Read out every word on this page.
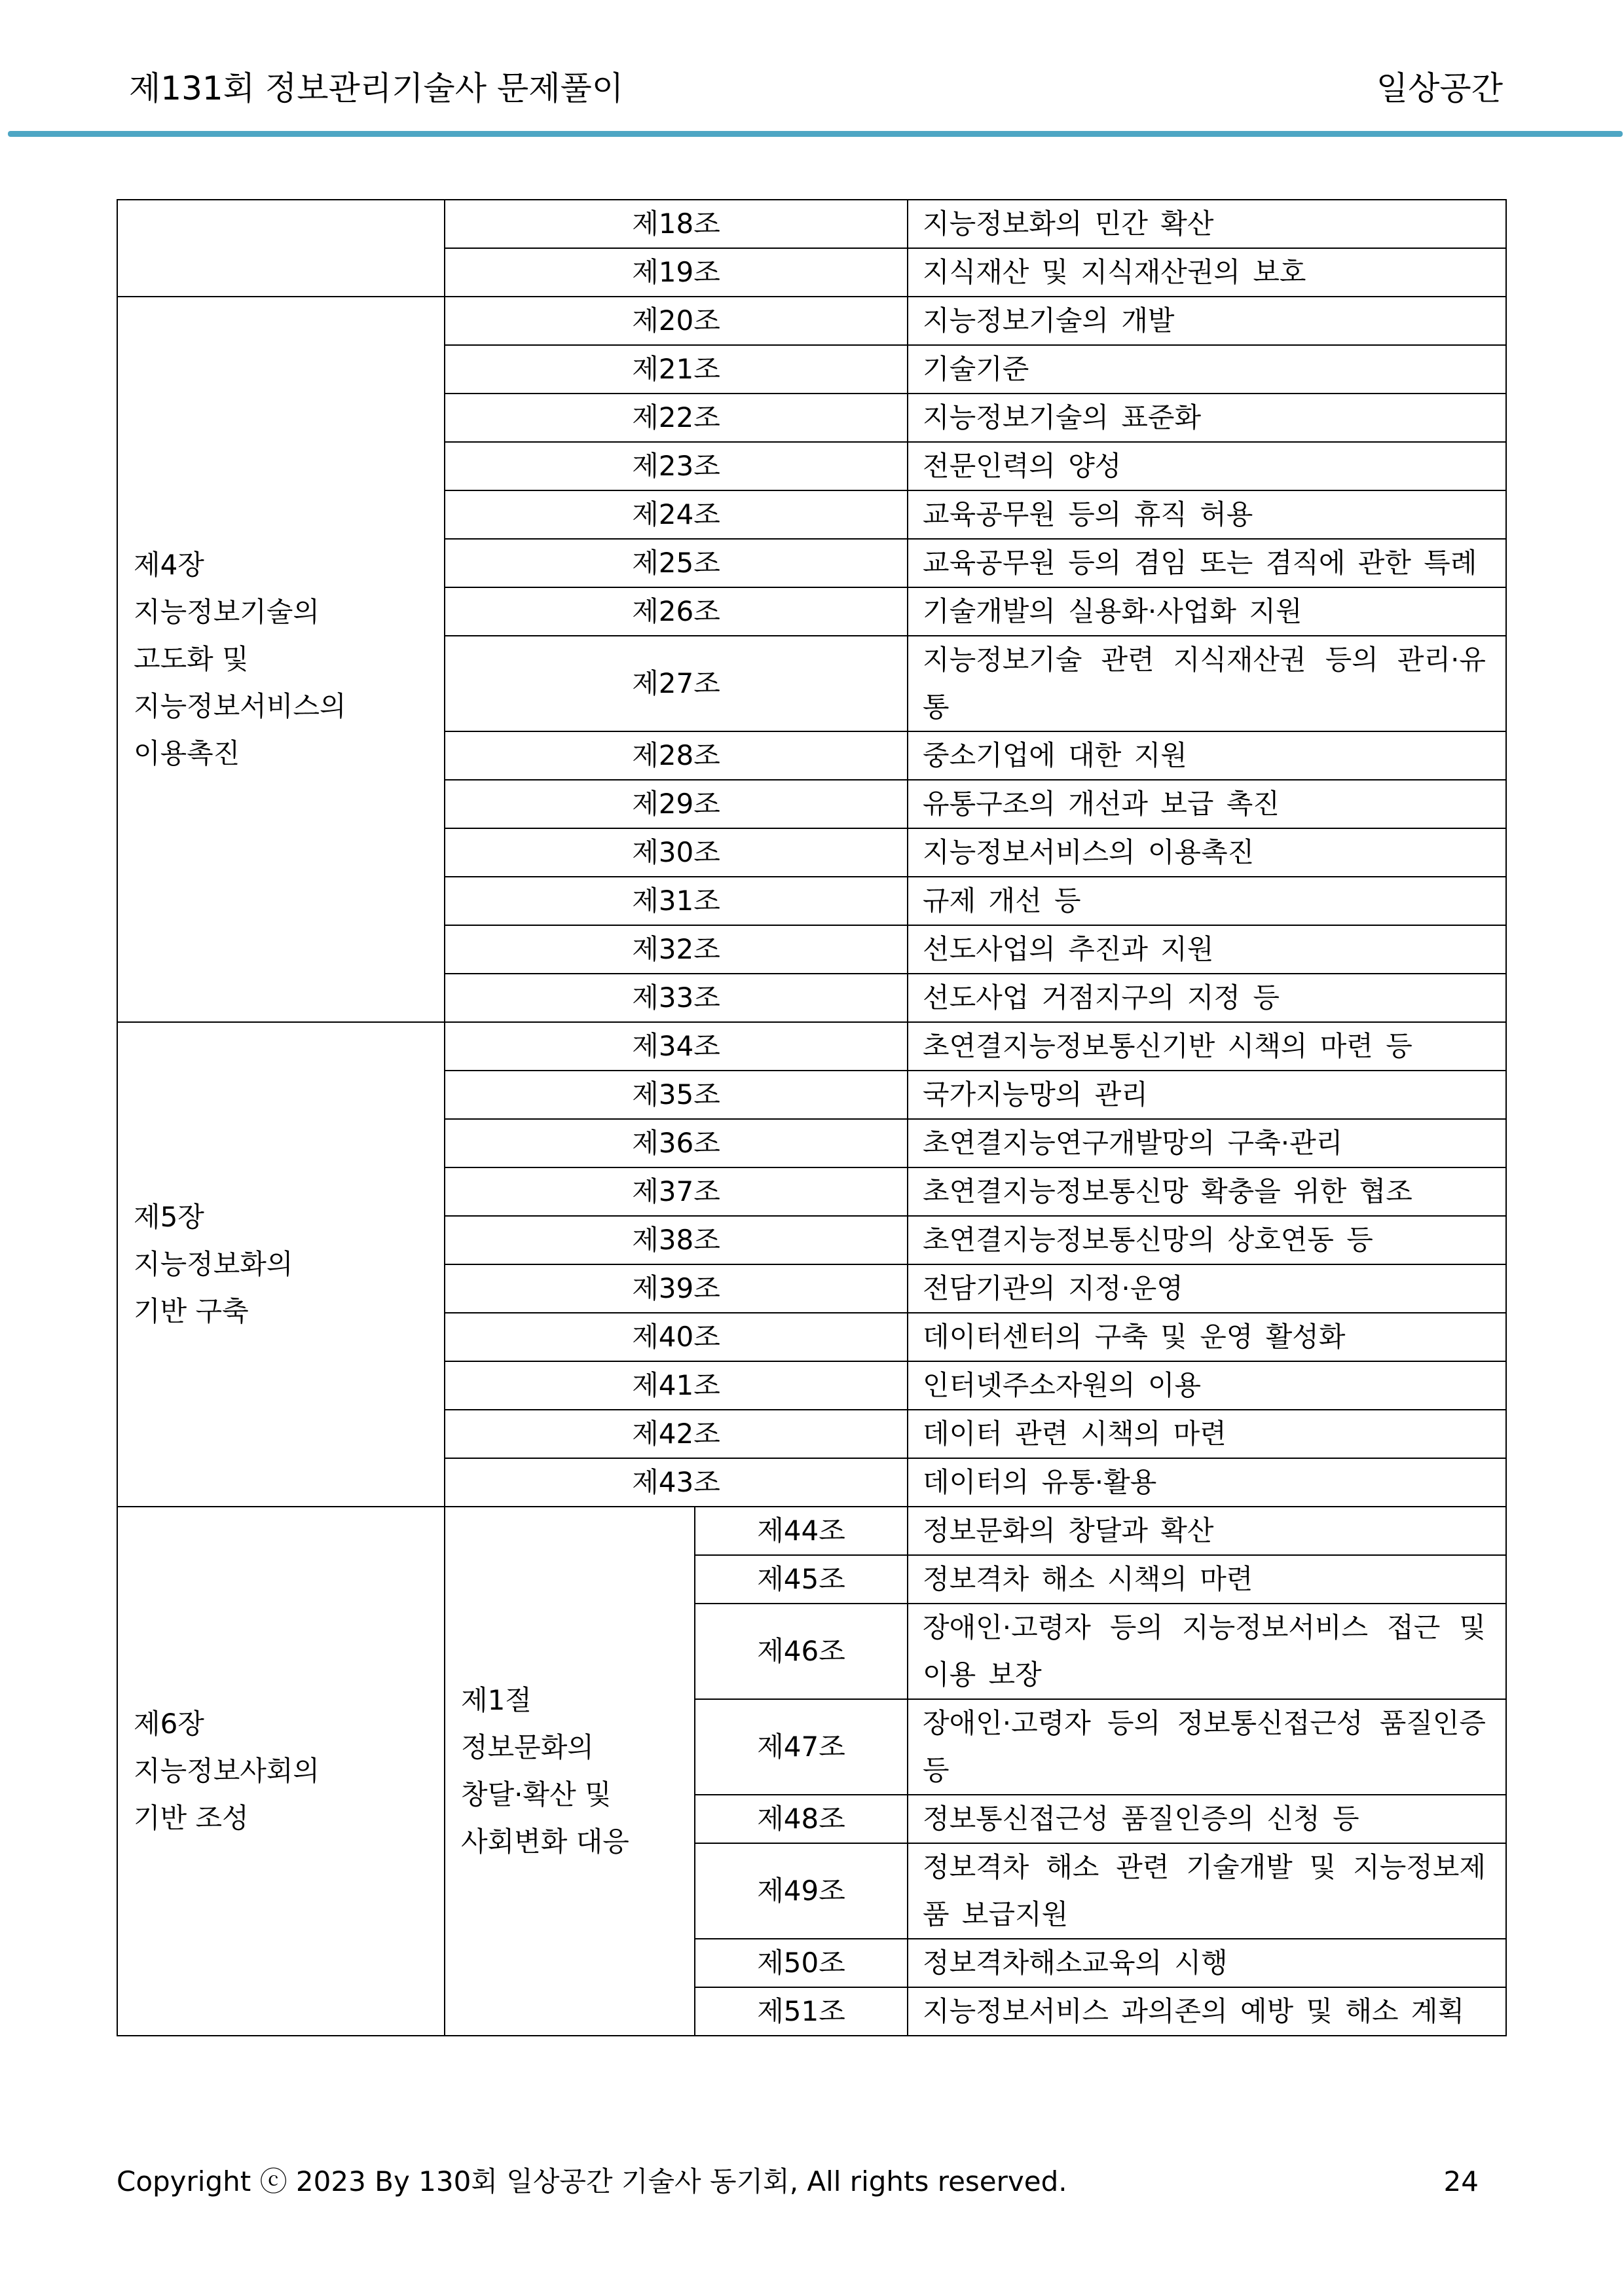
제131회 정보관리기술사 문제풀이	일상공간
	제18조		지능정보화의 민간 확산
	제19조		지식재산 및 지식재산권의 보호

제4장
지능정보기술의
고도화 및
지능정보서비스의
이용촉진	제20조		지능정보기술의 개발
	제21조		기술기준
	제22조		지능정보기술의 표준화
	제23조		전문인력의 양성
	제24조		교육공무원 등의 휴직 허용
	제25조		교육공무원 등의 겸임 또는 겸직에 관한 특례
	제26조		기술개발의 실용화·사업화 지원
	제27조		지능정보기술 관련 지식재산권 등의 관리·유통
	제28조		중소기업에 대한 지원
	제29조		유통구조의 개선과 보급 촉진
	제30조		지능정보서비스의 이용촉진
	제31조		규제 개선 등
	제32조		선도사업의 추진과 지원
	제33조		선도사업 거점지구의 지정 등

제5장
지능정보화의
기반 구축	제34조		초연결지능정보통신기반 시책의 마련 등
	제35조		국가지능망의 관리
	제36조		초연결지능연구개발망의 구축·관리
	제37조		초연결지능정보통신망 확충을 위한 협조
	제38조		초연결지능정보통신망의 상호연동 등
	제39조		전담기관의 지정·운영
	제40조		데이터센터의 구축 및 운영 활성화
	제41조		인터넷주소자원의 이용
	제42조		데이터 관련 시책의 마련
	제43조		데이터의 유통·활용

제6장
지능정보사회의
기반 조성	제1절
정보문화의
창달·확산 및
사회변화 대응	제44조	정보문화의 창달과 확산
		제45조	정보격차 해소 시책의 마련
		제46조	장애인·고령자 등의 지능정보서비스 접근 및 이용 보장
		제47조	장애인·고령자 등의 정보통신접근성 품질인증 등
		제48조	정보통신접근성 품질인증의 신청 등
		제49조	정보격차 해소 관련 기술개발 및 지능정보제품 보급지원
		제50조	정보격차해소교육의 시행
		제51조	지능정보서비스 과의존의 예방 및 해소 계획
Copyright ⓒ 2023 By 130회 일상공간 기술사 동기회, All rights reserved.	24
